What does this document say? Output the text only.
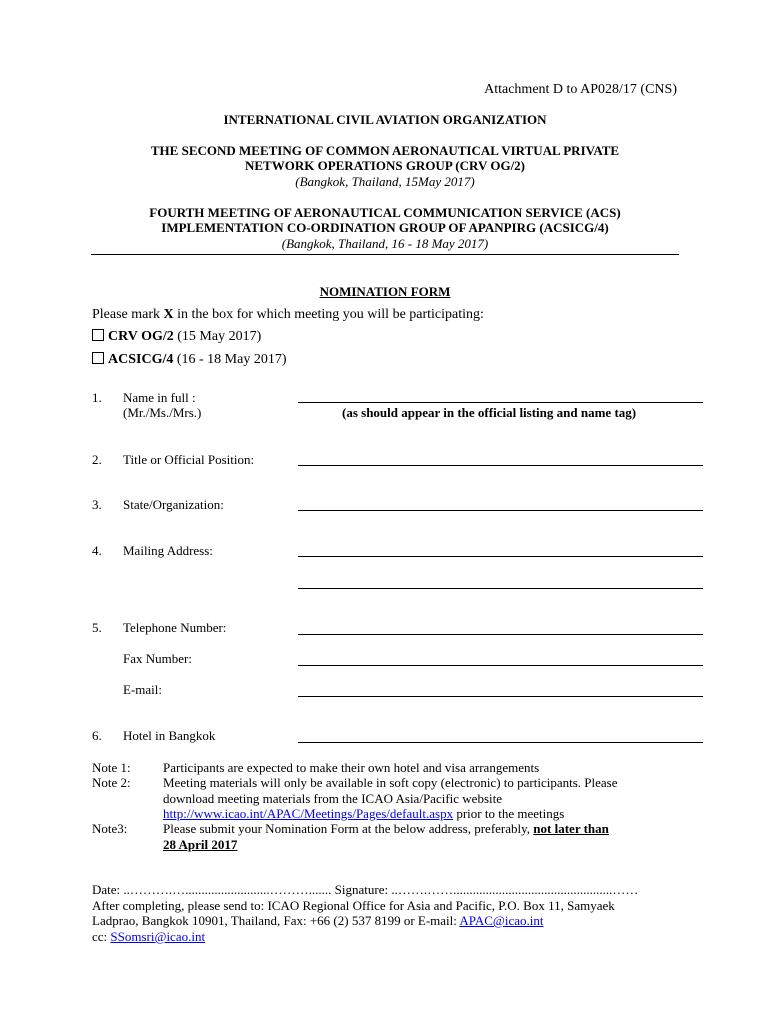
Attachment D to AP028/17 (CNS)
INTERNATIONAL CIVIL AVIATION ORGANIZATION
THE SECOND MEETING OF COMMON AERONAUTICAL VIRTUAL PRIVATE
NETWORK OPERATIONS GROUP (CRV OG/2)
(Bangkok, Thailand, 15May 2017)
FOURTH MEETING OF AERONAUTICAL COMMUNICATION SERVICE (ACS)
IMPLEMENTATION CO-ORDINATION GROUP OF APANPIRG (ACSICG/4)
(Bangkok, Thailand, 16 - 18 May 2017)
NOMINATION FORM
Please mark X in the box for which meeting you will be participating:
CRV OG/2 (15 May 2017)
ACSICG/4 (16 - 18 May 2017)
1. Name in full :
(Mr./Ms./Mrs.)	(as should appear in the official listing and name tag)
2. Title or Official Position:
3. State/Organization:
4. Mailing Address:
5. Telephone Number:
Fax Number:
E-mail:
6. Hotel in Bangkok
Note 1: Participants are expected to make their own hotel and visa arrangements
Note 2: Meeting materials will only be available in soft copy (electronic) to participants. Please
download meeting materials from the ICAO Asia/Pacific website
http://www.icao.int/APAC/Meetings/Pages/default.aspx prior to the meetings
Note3:	Please submit your Nomination Form at the below address, preferably, not later than
28 April 2017
Date: ..……….…..........................………....... Signature: ..…….…….................................................……
After completing, please send to: ICAO Regional Office for Asia and Pacific, P.O. Box 11, Samyaek
Ladprao, Bangkok 10901, Thailand, Fax: +66 (2) 537 8199 or E-mail: APAC@icao.int
cc: SSomsri@icao.int
